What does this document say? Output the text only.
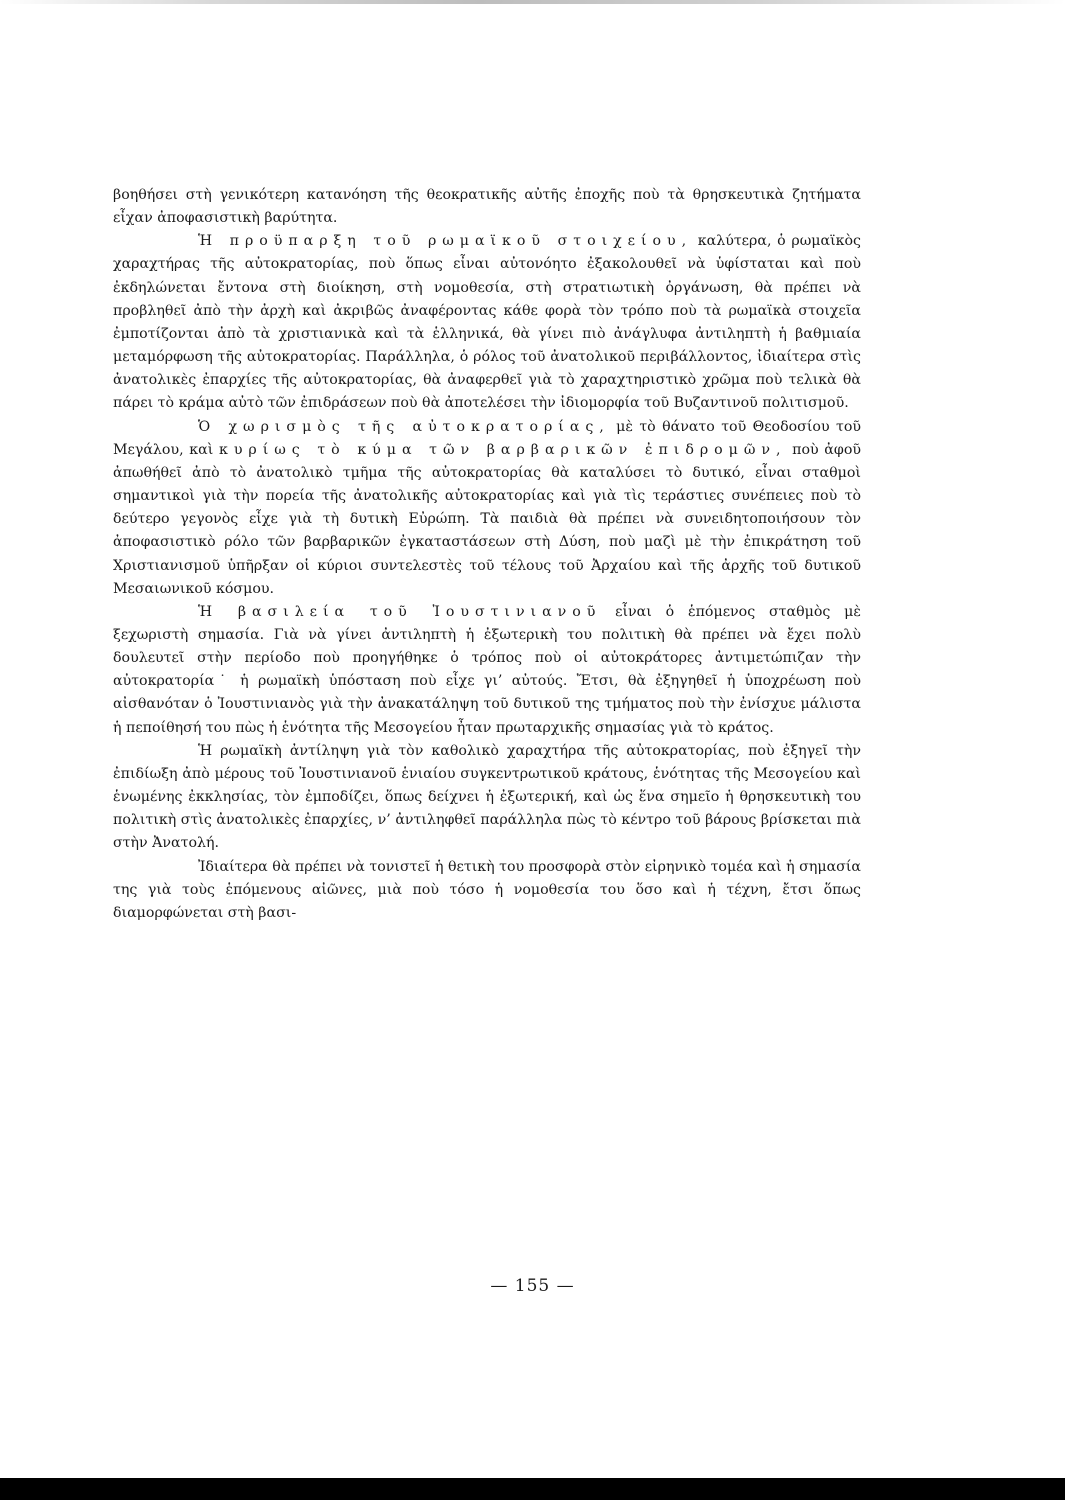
βοηθήσει στὴ γενικότερη κατανόηση τῆς θεοκρατικῆς αὐτῆς ἐποχῆς ποὺ τὰ θρησκευτικὰ ζητήματα εἶχαν ἀποφασιστικὴ βαρύτητα.

Ἡ προϋπαρξη τοῦ ρωμαϊκοῦ στοιχείου, καλύτερα, ὁ ρωμαϊκὸς χαραχτήρας τῆς αὐτοκρατορίας, ποὺ ὅπως εἶναι αὐτονόητο ἐξακολουθεῖ νὰ ὑφίσταται καὶ ποὺ ἐκδηλώνεται ἔντονα στὴ διοίκηση, στὴ νομοθεσία, στὴ στρατιωτικὴ ὀργάνωση, θὰ πρέπει νὰ προβληθεῖ ἀπὸ τὴν ἀρχὴ καὶ ἀκριβῶς ἀναφέροντας κάθε φορὰ τὸν τρόπο ποὺ τὰ ρωμαϊκὰ στοιχεῖα ἐμποτίζονται ἀπὸ τὰ χριστιανικὰ καὶ τὰ ἑλληνικά, θὰ γίνει πιὸ ἀνάγλυφα ἀντιληπτὴ ἡ βαθμιαία μεταμόρφωση τῆς αὐτοκρατορίας. Παράλληλα, ὁ ρόλος τοῦ ἀνατολικοῦ περιβάλλοντος, ἰδιαίτερα στὶς ἀνατολικὲς ἐπαρχίες τῆς αὐτοκρατορίας, θὰ ἀναφερθεῖ γιὰ τὸ χαραχτηριστικὸ χρῶμα ποὺ τελικὰ θὰ πάρει τὸ κράμα αὐτὸ τῶν ἐπιδράσεων ποὺ θὰ ἀποτελέσει τὴν ἰδιομορφία τοῦ Βυζαντινοῦ πολιτισμοῦ.

Ὁ χωρισμὸς τῆς αὐτοκρατορίας, μὲ τὸ θάνατο τοῦ Θεοδοσίου τοῦ Μεγάλου, καὶ κυρίως τὸ κύμα τῶν βαρβαρικῶν ἐπιδρομῶν, ποὺ ἀφοῦ ἀπωθήθεῖ ἀπὸ τὸ ἀνατολικὸ τμῆμα τῆς αὐτοκρατορίας θὰ καταλύσει τὸ δυτικό, εἶναι σταθμοὶ σημαντικοὶ γιὰ τὴν πορεία τῆς ἀνατολικῆς αὐτοκρατορίας καὶ γιὰ τὶς τεράστιες συνέπειες ποὺ τὸ δεύτερο γεγονὸς εἶχε γιὰ τὴ δυτικὴ Εὐρώπη. Τὰ παιδιὰ θὰ πρέπει νὰ συνειδητοποιήσουν τὸν ἀποφασιστικὸ ρόλο τῶν βαρβαρικῶν ἐγκαταστάσεων στὴ Δύση, ποὺ μαζὶ μὲ τὴν ἐπικράτηση τοῦ Χριστιανισμοῦ ὑπῆρξαν οἱ κύριοι συντελεστὲς τοῦ τέλους τοῦ Ἀρχαίου καὶ τῆς ἀρχῆς τοῦ δυτικοῦ Μεσαιωνικοῦ κόσμου.

Ἡ βασιλεία τοῦ Ἰουστινιανοῦ εἶναι ὁ ἑπόμενος σταθμὸς μὲ ξεχωριστὴ σημασία. Γιὰ νὰ γίνει ἀντιληπτὴ ἡ ἐξωτερικὴ του πολιτικὴ θὰ πρέπει νὰ ἔχει πολὺ δουλευτεῖ στὴν περίοδο ποὺ προηγήθηκε ὁ τρόπος ποὺ οἱ αὐτοκράτορες ἀντιμετώπιζαν τὴν αὐτοκρατορία˙ ἡ ρωμαϊκὴ ὑπόσταση ποὺ εἶχε γι’ αὐτούς. Ἔτσι, θὰ ἐξηγηθεῖ ἡ ὑποχρέωση ποὺ αἰσθανόταν ὁ Ἰουστινιανὸς γιὰ τὴν ἀνακατάληψη τοῦ δυτικοῦ της τμήματος ποὺ τὴν ἐνίσχυε μάλιστα ἡ πεποίθησή του πὼς ἡ ἑνότητα τῆς Μεσογείου ἦταν πρωταρχικῆς σημασίας γιὰ τὸ κράτος.

Ἡ ρωμαϊκὴ ἀντίληψη γιὰ τὸν καθολικὸ χαραχτήρα τῆς αὐτοκρατορίας, ποὺ ἐξηγεῖ τὴν ἐπιδίωξη ἀπὸ μέρους τοῦ Ἰουστινιανοῦ ἑνιαίου συγκεντρωτικοῦ κράτους, ἑνότητας τῆς Μεσογείου καὶ ἑνωμένης ἐκκλησίας, τὸν ἐμποδίζει, ὅπως δείχνει ἡ ἐξωτερική, καὶ ὡς ἕνα σημεῖο ἡ θρησκευτικὴ του πολιτικὴ στὶς ἀνατολικὲς ἐπαρχίες, ν’ ἀντιληφθεῖ παράλληλα πὼς τὸ κέντρο τοῦ βάρους βρίσκεται πιὰ στὴν Ἀνατολή.

Ἰδιαίτερα θὰ πρέπει νὰ τονιστεῖ ἡ θετικὴ του προσφορὰ στὸν εἰρηνικὸ τομέα καὶ ἡ σημασία της γιὰ τοὺς ἑπόμενους αἰῶνες, μιὰ ποὺ τόσο ἡ νομοθεσία του ὅσο καὶ ἡ τέχνη, ἔτσι ὅπως διαμορφώνεται στὴ βασι-

— 155 —
